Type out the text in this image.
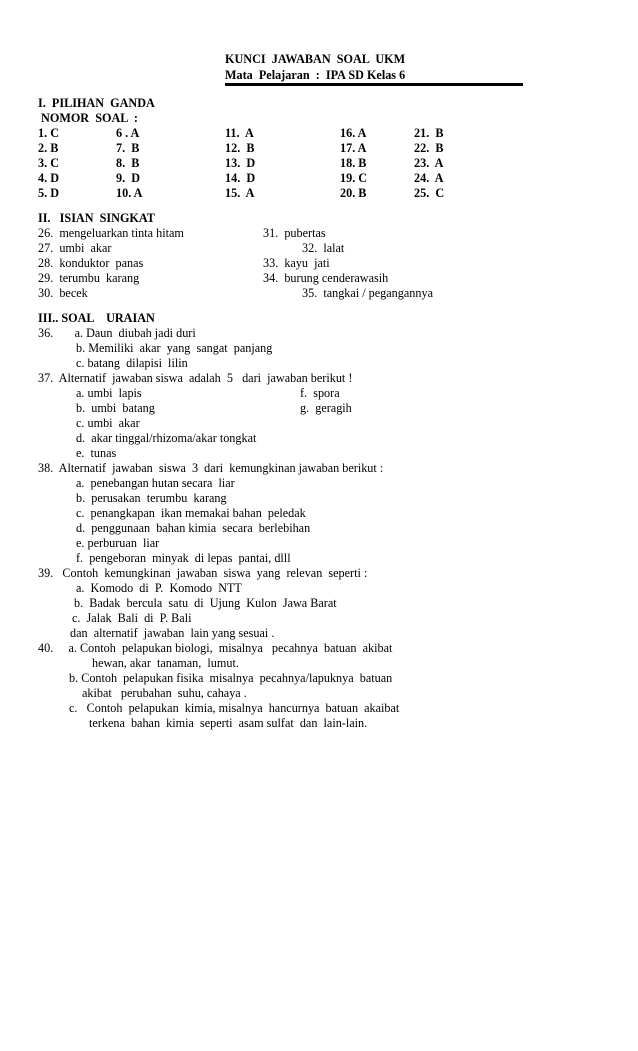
KUNCI  JAWABAN  SOAL  UKM
Mata  Pelajaran  :  IPA SD Kelas 6
I.  PILIHAN  GANDA
NOMOR  SOAL  :
1. C	6 . A	11.  A	16. A	21.  B
2. B	7.  B	12.  B	17. A	22.  B
3. C	8.  B	13.  D	18. B	23.  A
4. D	9.  D	14.  D	19. C	24.  A
5. D	10. A	15.  A	20. B	25.  C
II.   ISIAN  SINGKAT
26.  mengeluarkan tinta hitam	31.  pubertas
27.  umbi  akar	32.  lalat
28.  konduktor  panas	33.  kayu  jati
29.  terumbu  karang	34.  burung cenderawasih
30.  becek	35.  tangkai / pegangannya
III.. SOAL    URAIAN
36.       a. Daun  diubah jadi duri
b. Memiliki  akar  yang  sangat  panjang
c. batang  dilapisi  lilin
37.  Alternatif  jawaban siswa  adalah  5   dari  jawaban berikut !
a. umbi  lapis	f.  spora
b.  umbi  batang	g.  geragih
c. umbi  akar
d.  akar tinggal/rhizoma/akar tongkat
e.  tunas
38.  Alternatif  jawaban  siswa  3  dari  kemungkinan jawaban berikut :
a.  penebangan hutan secara  liar
b.  perusakan  terumbu  karang
c.  penangkapan  ikan memakai bahan  peledak
d.  penggunaan  bahan kimia  secara  berlebihan
e. perburuan  liar
f.  pengeboran  minyak  di lepas  pantai, dlll
39.   Contoh  kemungkinan  jawaban  siswa  yang  relevan  seperti :
a.  Komodo  di  P.  Komodo  NTT
b.  Badak  bercula  satu  di  Ujung  Kulon  Jawa Barat
c.  Jalak  Bali  di  P. Bali
dan  alternatif  jawaban  lain yang sesuai .
40.     a. Contoh  pelapukan biologi,  misalnya   pecahnya  batuan  akibat
hewan, akar  tanaman,  lumut.
b. Contoh  pelapukan fisika  misalnya  pecahnya/lapuknya  batuan
akibat   perubahan  suhu, cahaya .
c.   Contoh  pelapukan  kimia, misalnya  hancurnya  batuan  akaibat
terkena  bahan  kimia  seperti  asam sulfat  dan  lain-lain.
